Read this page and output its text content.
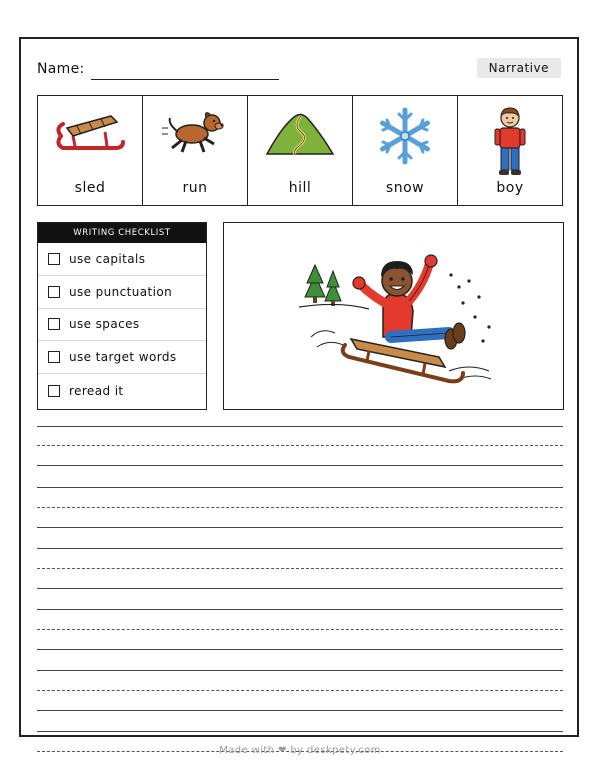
Name:	Narrative
sled	run	hill	snow	boy
WRITING CHECKLIST
use capitals
use punctuation
use spaces
use target words
reread it
Made with ❤ by deskpety.com
